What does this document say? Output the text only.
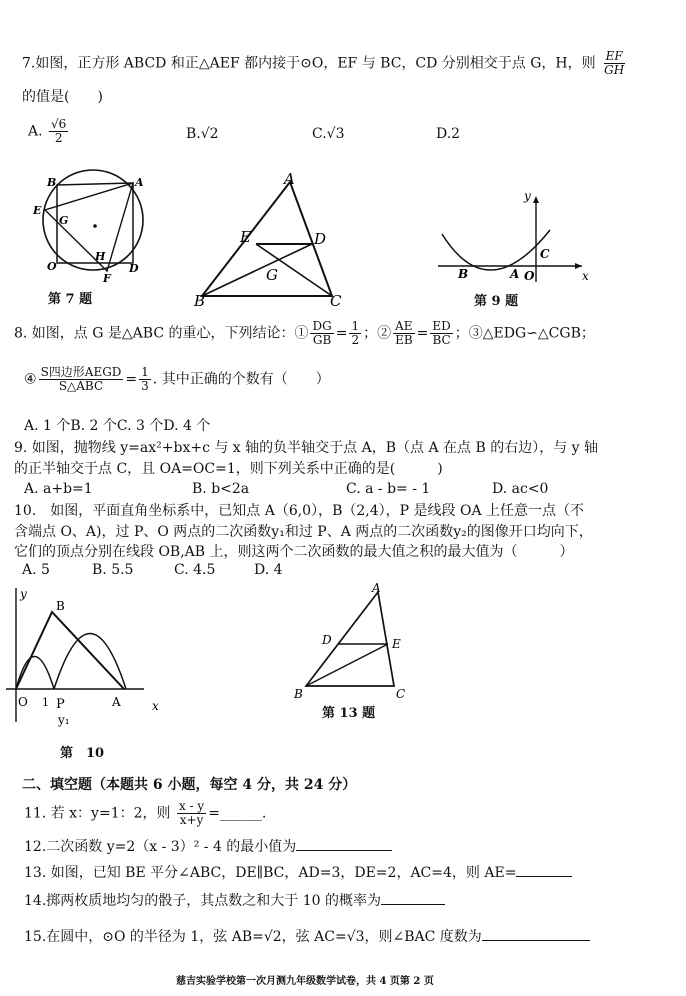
7.如图，正方形 ABCD 和正△AEF 都内接于⊙O，EF 与 BC，CD 分别相交于点 G，H，则 $\frac{EF}{GH}$
的值是(　　)
A. $\frac{√6}{2}$	B.√2	C.√3	D.2
B	A
E
G
O
H
D
F
第 7 题
A
E	D
G
B	C
y
x
B	A O
C
第 9 题
8. 如图，点 G 是△ABC 的重心，下列结论：① $\frac{DG}{GB} = \frac{1}{2}$ ；② $\frac{AE}{EB} = \frac{ED}{BC}$ ；③△EDG∽△CGB；
④ $\frac{\text{S四边形AEGD}}{\text{S△ABC}} = \frac{1}{3}$ . 其中正确的个数有（　　）
A. 1 个B. 2 个C. 3 个D. 4 个
9. 如图，抛物线 y=ax²+bx+c 与 x 轴的负半轴交于点 A，B（点 A 在点 B 的右边），与 y 轴
的正半轴交于点 C，且 OA=OC=1，则下列关系中正确的是(　　　)
A. a+b=1	B. b<2a	C. a - b= - 1	D. ac<0
10.　如图，平面直角坐标系中，已知点 A（6,0），B（2,4），P 是线段 OA 上任意一点（不
含端点 O、A)，过 P、O 两点的二次函数y₁和过 P、A 两点的二次函数y₂的图像开口均向下，
它们的顶点分别在线段 OB,AB 上，则这两个二次函数的最大值之积的最大值为（　　　）
A. 5	B. 5.5	C. 4.5	D. 4
y
B
O 1 P	A	x
y₁
第　10
A
D	E
B	C
第 13 题
二、填空题（本题共 6 小题，每空 4 分，共 24 分）
11. 若 x：y=1：2，则 $\frac{x - y}{x+y}$ =______.
12.二次函数 y=2（x - 3）² - 4 的最小值为
13. 如图，已知 BE 平分∠ABC，DE∥BC，AD=3，DE=2，AC=4，则 AE=
14.掷两枚质地均匀的骰子，其点数之和大于 10 的概率为
15.在圆中，⊙O 的半径为 1，弦 AB=√2，弦 AC=√3，则∠BAC 度数为
慈吉实验学校第一次月测九年级数学试卷，共 4 页第 2 页
